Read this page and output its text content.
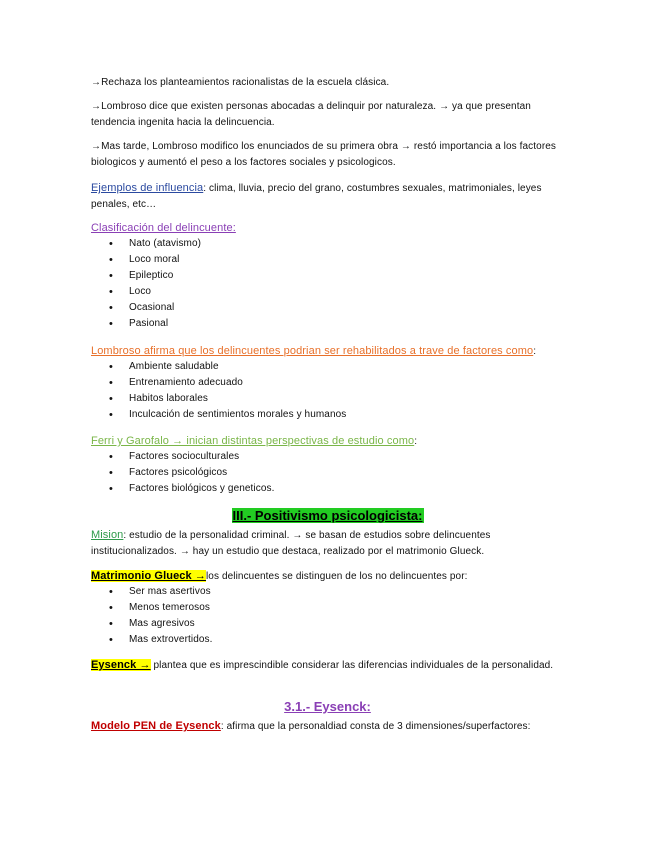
→Rechaza los planteamientos racionalistas de la escuela clásica.
→Lombroso dice que existen personas abocadas a delinquir por naturaleza. → ya que presentan tendencia ingenita hacia la delincuencia.
→Mas tarde, Lombroso modifico los enunciados de su primera obra → restó importancia a los factores biologicos y aumentó el peso a los factores sociales y psicologicos.
Ejemplos de influencia: clima, lluvia, precio del grano, costumbres sexuales, matrimoniales, leyes penales, etc…
Clasificación del delincuente:
• Nato (atavismo)
• Loco moral
• Epileptico
• Loco
• Ocasional
• Pasional
Lombroso afirma que los delincuentes podrian ser rehabilitados a trave de factores como:
• Ambiente saludable
• Entrenamiento adecuado
• Habitos laborales
• Inculcación de sentimientos morales y humanos
Ferri y Garofalo → inician distintas perspectivas de estudio como:
• Factores socioculturales
• Factores psicológicos
• Factores biológicos y geneticos.
III.- Positivismo psicologicista:
Mision: estudio de la personalidad criminal. → se basan de estudios sobre delincuentes institucionalizados. → hay un estudio que destaca, realizado por el matrimonio Glueck.
Matrimonio Glueck →los delincuentes se distinguen de los no delincuentes por:
• Ser mas asertivos
• Menos temerosos
• Mas agresivos
• Mas extrovertidos.
Eysenck → plantea que es imprescindible considerar las diferencias individuales de la personalidad.
3.1.- Eysenck:
Modelo PEN de Eysenck: afirma que la personaldiad consta de 3 dimensiones/superfactores:
